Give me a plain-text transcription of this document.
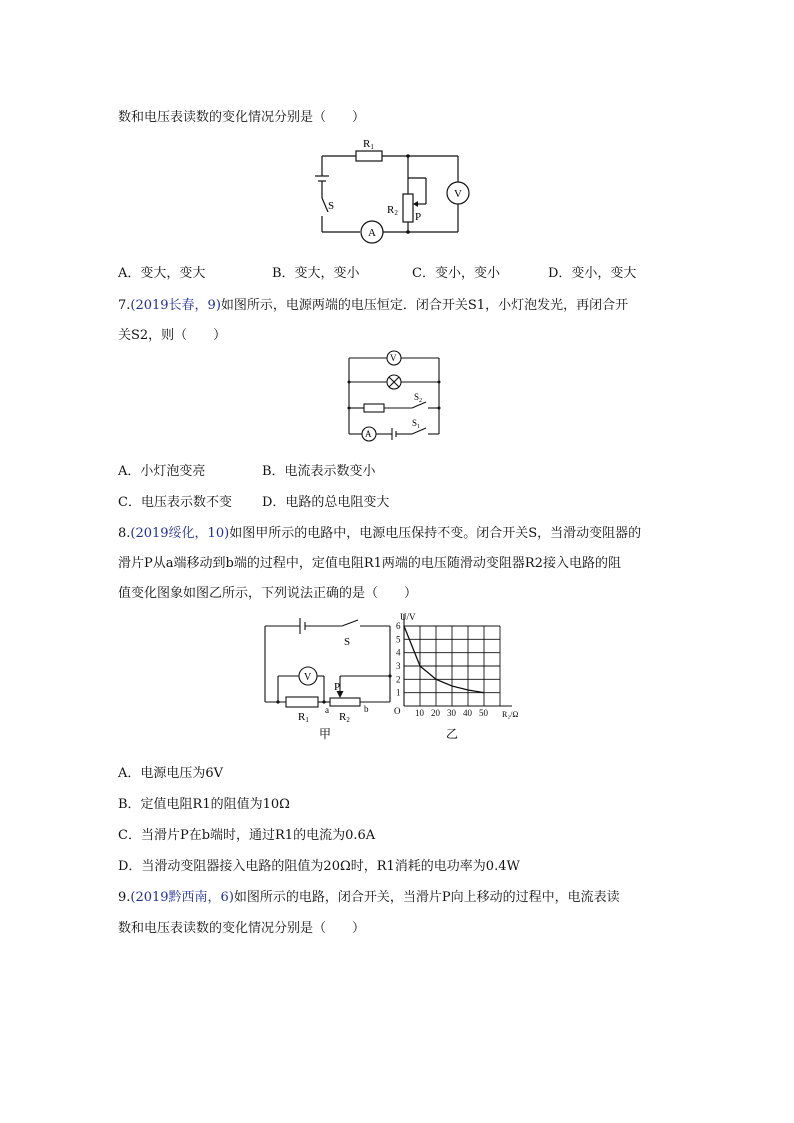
数和电压表读数的变化情况分别是（　　）
R1
R2 P
S
A
V
A．变大，变大	B．变大，变小	C．变小，变小	D．变小，变大
7.(2019长春，9)如图所示，电源两端的电压恒定．闭合开关S1，小灯泡发光，再闭合开
关S2，则（　　）
V
A
$S_2$
$S_1$
A．小灯泡变亮	B．电流表示数变小
C．电压表示数不变 D．电路的总电阻变大
8.(2019绥化，10)如图甲所示的电路中，电源电压保持不变。闭合开关S，当滑动变阻器的
滑片P从a端移动到b端的过程中，定值电阻R1两端的电压随滑动变阻器R2接入电路的阻
值变化图象如图乙所示，下列说法正确的是（　　）
S
V
P
R1	R2
a	b
甲
10 20 30 40 50
1
2
3
4
5
6
O
U/V
R₂/Ω
乙
A．电源电压为6V
B．定值电阻R1的阻值为10Ω
C．当滑片P在b端时，通过R1的电流为0.6A
D．当滑动变阻器接入电路的阻值为20Ω时，R1消耗的电功率为0.4W
9.(2019黔西南，6)如图所示的电路，闭合开关，当滑片P向上移动的过程中，电流表读
数和电压表读数的变化情况分别是（　　）
